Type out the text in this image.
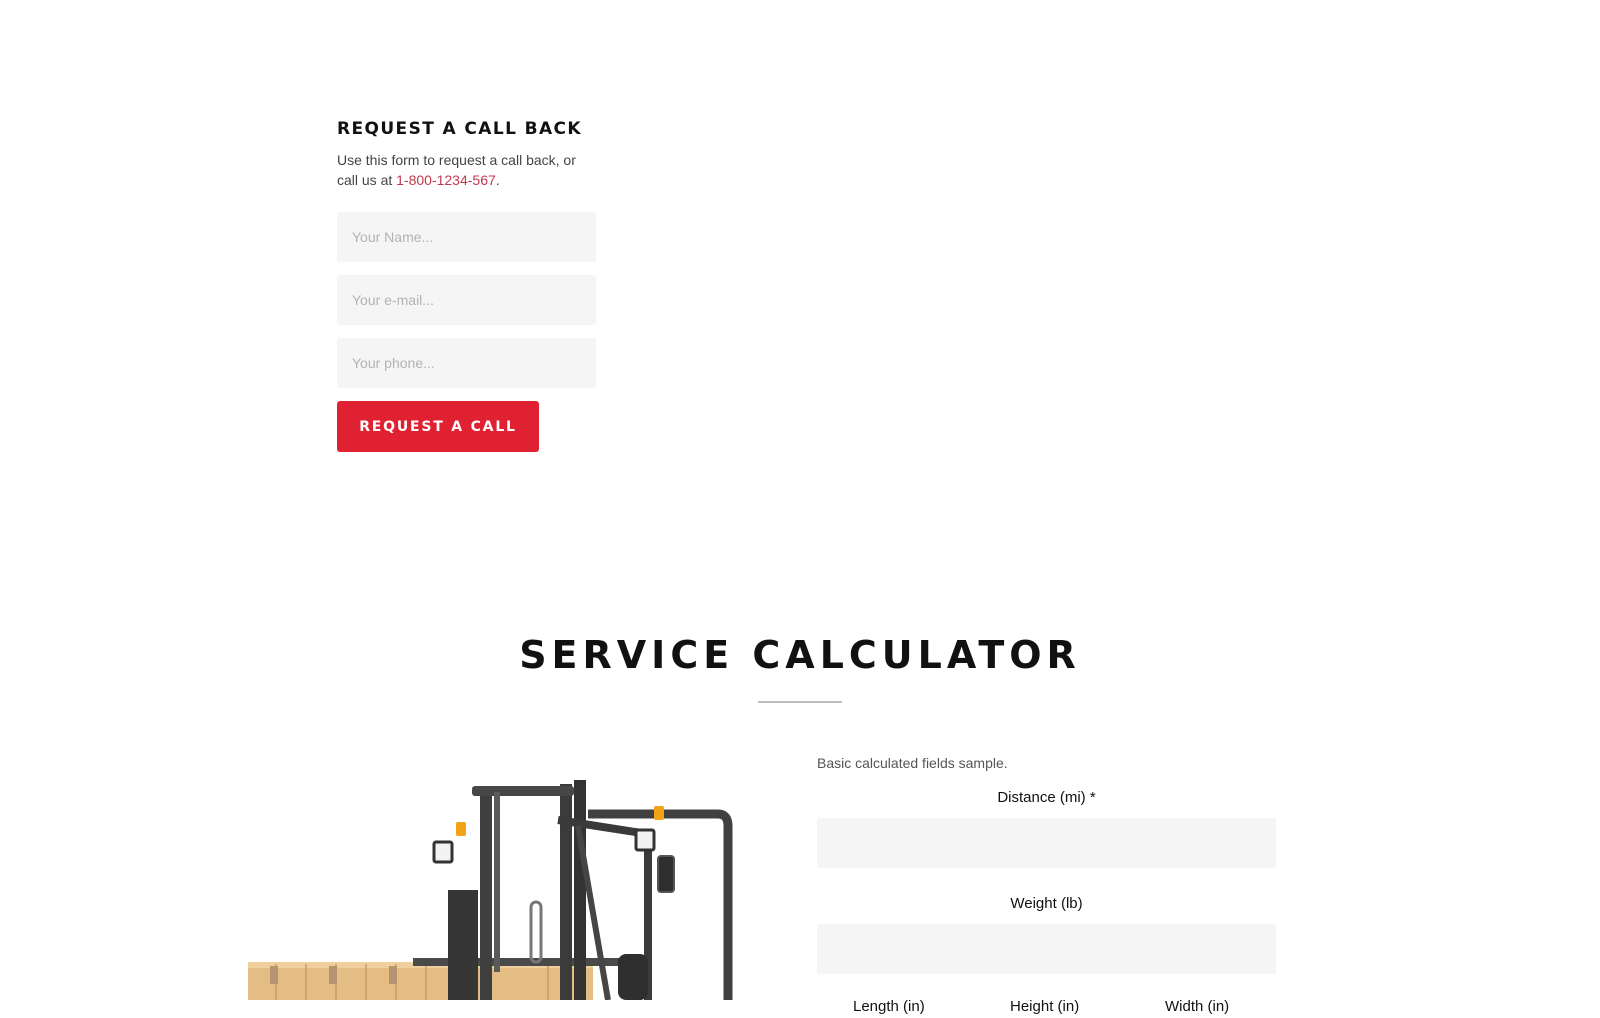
REQUEST A CALL BACK

Use this form to request a call back, or call us at 1-800-1234-567.

Your Name...
Your e-mail...
Your phone...
REQUEST A CALL
SERVICE CALCULATOR

Basic calculated fields sample.

Distance (mi) *
Weight (lb)
Length (in)	Height (in)	Width (in)
